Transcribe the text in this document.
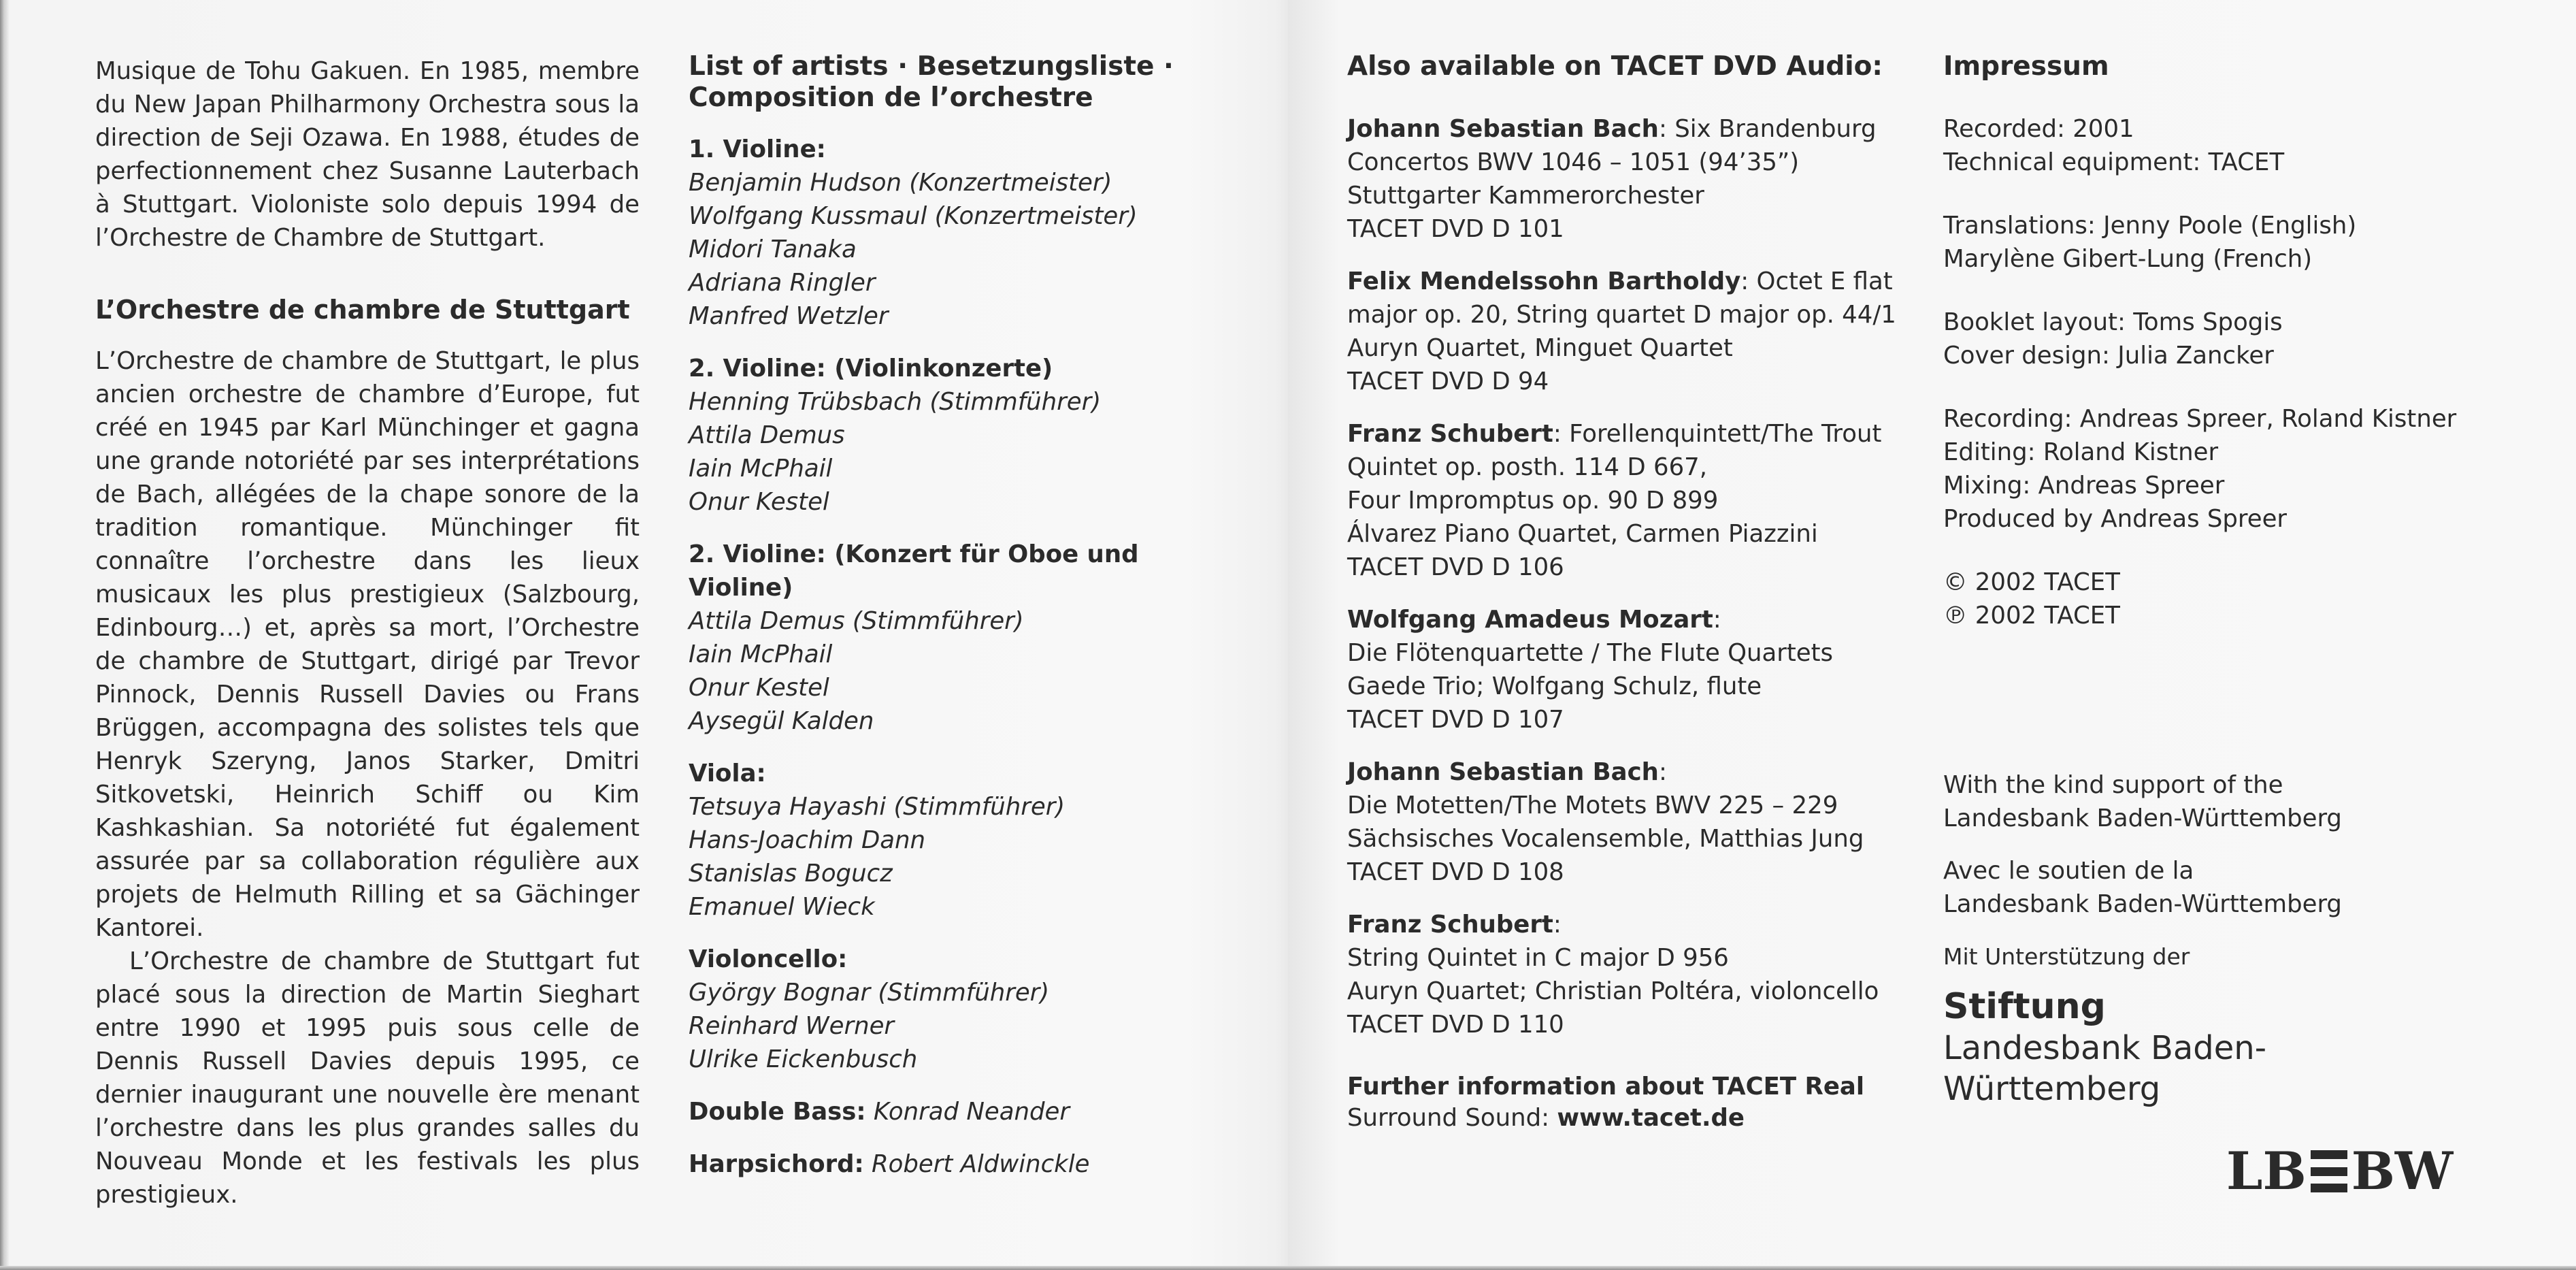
Musique de Tohu Gakuen. En 1985, membre du New Japan Philharmony Orchestra sous la direction de Seji Ozawa. En 1988, études de perfectionnement chez Susanne Lauterbach à Stuttgart. Violoniste solo depuis 1994 de l’Orchestre de Chambre de Stuttgart.

L’Orchestre de chambre de Stuttgart

L’Orchestre de chambre de Stuttgart, le plus ancien orchestre de chambre d’Europe, fut créé en 1945 par Karl Münchinger et gagna une grande notoriété par ses interprétations de Bach, allégées de la chape sonore de la tradition romantique. Münchinger fit connaître l’orchestre dans les lieux musicaux les plus prestigieux (Salzbourg, Edinbourg…) et, après sa mort, l’Orchestre de chambre de Stuttgart, dirigé par Trevor Pinnock, Dennis Russell Davies ou Frans Brüggen, accompagna des solistes tels que Henryk Szeryng, Janos Starker, Dmitri Sitkovetski, Heinrich Schiff ou Kim Kashkashian. Sa notoriété fut également assurée par sa collaboration régulière aux projets de Helmuth Rilling et sa Gächinger Kantorei.

L’Orchestre de chambre de Stuttgart fut placé sous la direction de Martin Sieghart entre 1990 et 1995 puis sous celle de Dennis Russell Davies depuis 1995, ce dernier inaugurant une nouvelle ère menant l’orchestre dans les plus grandes salles du Nouveau Monde et les festivals les plus prestigieux.

List of artists · Besetzungsliste ·
Composition de l’orchestre
1. Violine:
Benjamin Hudson (Konzertmeister)
Wolfgang Kussmaul (Konzertmeister)
Midori Tanaka
Adriana Ringler
Manfred Wetzler
2. Violine: (Violinkonzerte)
Henning Trübsbach (Stimmführer)
Attila Demus
Iain McPhail
Onur Kestel
2. Violine: (Konzert für Oboe und Violine)
Attila Demus (Stimmführer)
Iain McPhail
Onur Kestel
Aysegül Kalden
Viola:
Tetsuya Hayashi (Stimmführer)
Hans-Joachim Dann
Stanislas Bogucz
Emanuel Wieck
Violoncello:
György Bognar (Stimmführer)
Reinhard Werner
Ulrike Eickenbusch
Double Bass: Konrad Neander
Harpsichord: Robert Aldwinckle
Also available on TACET DVD Audio:
Johann Sebastian Bach: Six Brandenburg
Concertos BWV 1046 – 1051 (94’35”)
Stuttgarter Kammerorchester
TACET DVD D 101
Felix Mendelssohn Bartholdy: Octet E flat
major op. 20, String quartet D major op. 44/1
Auryn Quartet, Minguet Quartet
TACET DVD D 94
Franz Schubert: Forellenquintett/The Trout
Quintet op. posth. 114 D 667,
Four Impromptus op. 90 D 899
Álvarez Piano Quartet, Carmen Piazzini
TACET DVD D 106
Wolfgang Amadeus Mozart:
Die Flötenquartette / The Flute Quartets
Gaede Trio; Wolfgang Schulz, flute
TACET DVD D 107
Johann Sebastian Bach:
Die Motetten/The Motets BWV 225 – 229
Sächsisches Vocalensemble, Matthias Jung
TACET DVD D 108
Franz Schubert:
String Quintet in C major D 956
Auryn Quartet; Christian Poltéra, violoncello
TACET DVD D 110
Further information about TACET Real
Surround Sound: www.tacet.de
Impressum
Recorded: 2001
Technical equipment: TACET
Translations: Jenny Poole (English)
Marylène Gibert-Lung (French)
Booklet layout: Toms Spogis
Cover design: Julia Zancker
Recording: Andreas Spreer, Roland Kistner
Editing: Roland Kistner
Mixing: Andreas Spreer
Produced by Andreas Spreer
© 2002 TACET
℗ 2002 TACET
With the kind support of the
Landesbank Baden-Württemberg
Avec le soutien de la
Landesbank Baden-Württemberg
Mit Unterstützung der
Stiftung
Landesbank Baden-Württemberg
LB BW
